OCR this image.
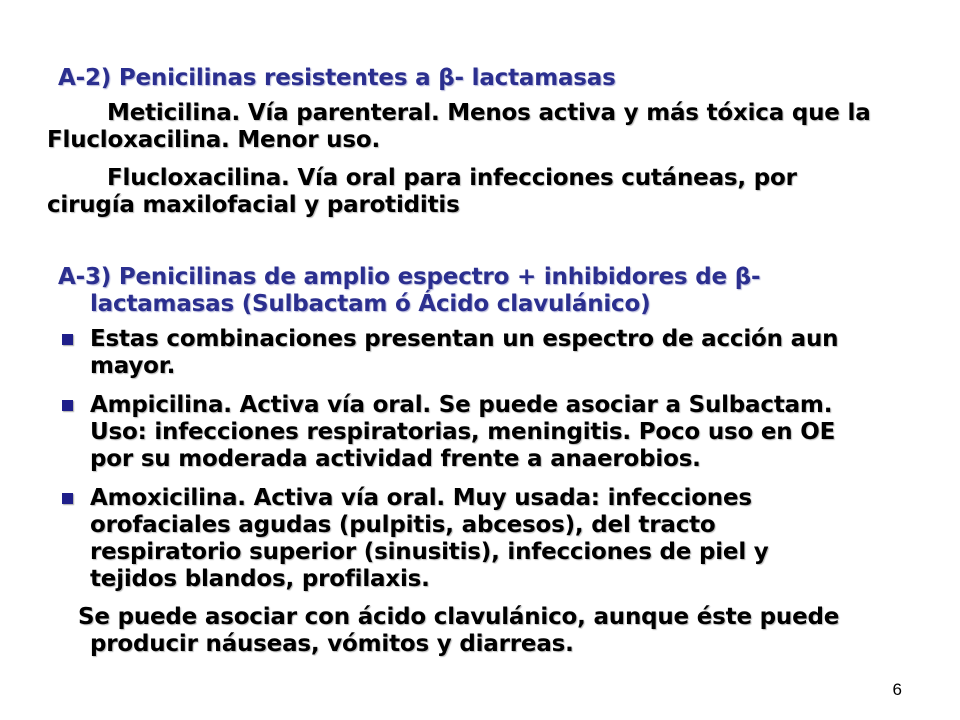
A-2) Penicilinas resistentes a β- lactamasas

Meticilina. Vía parenteral. Menos activa y más tóxica que la Flucloxacilina. Menor uso.

Flucloxacilina. Vía oral para infecciones cutáneas, por cirugía maxilofacial y parotiditis

A-3) Penicilinas de amplio espectro + inhibidores de β-lactamasas (Sulbactam ó Ácido clavulánico)

Estas combinaciones presentan un espectro de acción aun mayor.

Ampicilina. Activa vía oral. Se puede asociar a Sulbactam. Uso: infecciones respiratorias, meningitis. Poco uso en OE por su moderada actividad frente a anaerobios.

Amoxicilina. Activa vía oral. Muy usada: infecciones orofaciales agudas (pulpitis, abcesos), del tracto respiratorio superior (sinusitis), infecciones de piel y tejidos blandos, profilaxis.

Se puede asociar con ácido clavulánico, aunque éste puede producir náuseas, vómitos y diarreas.

6
